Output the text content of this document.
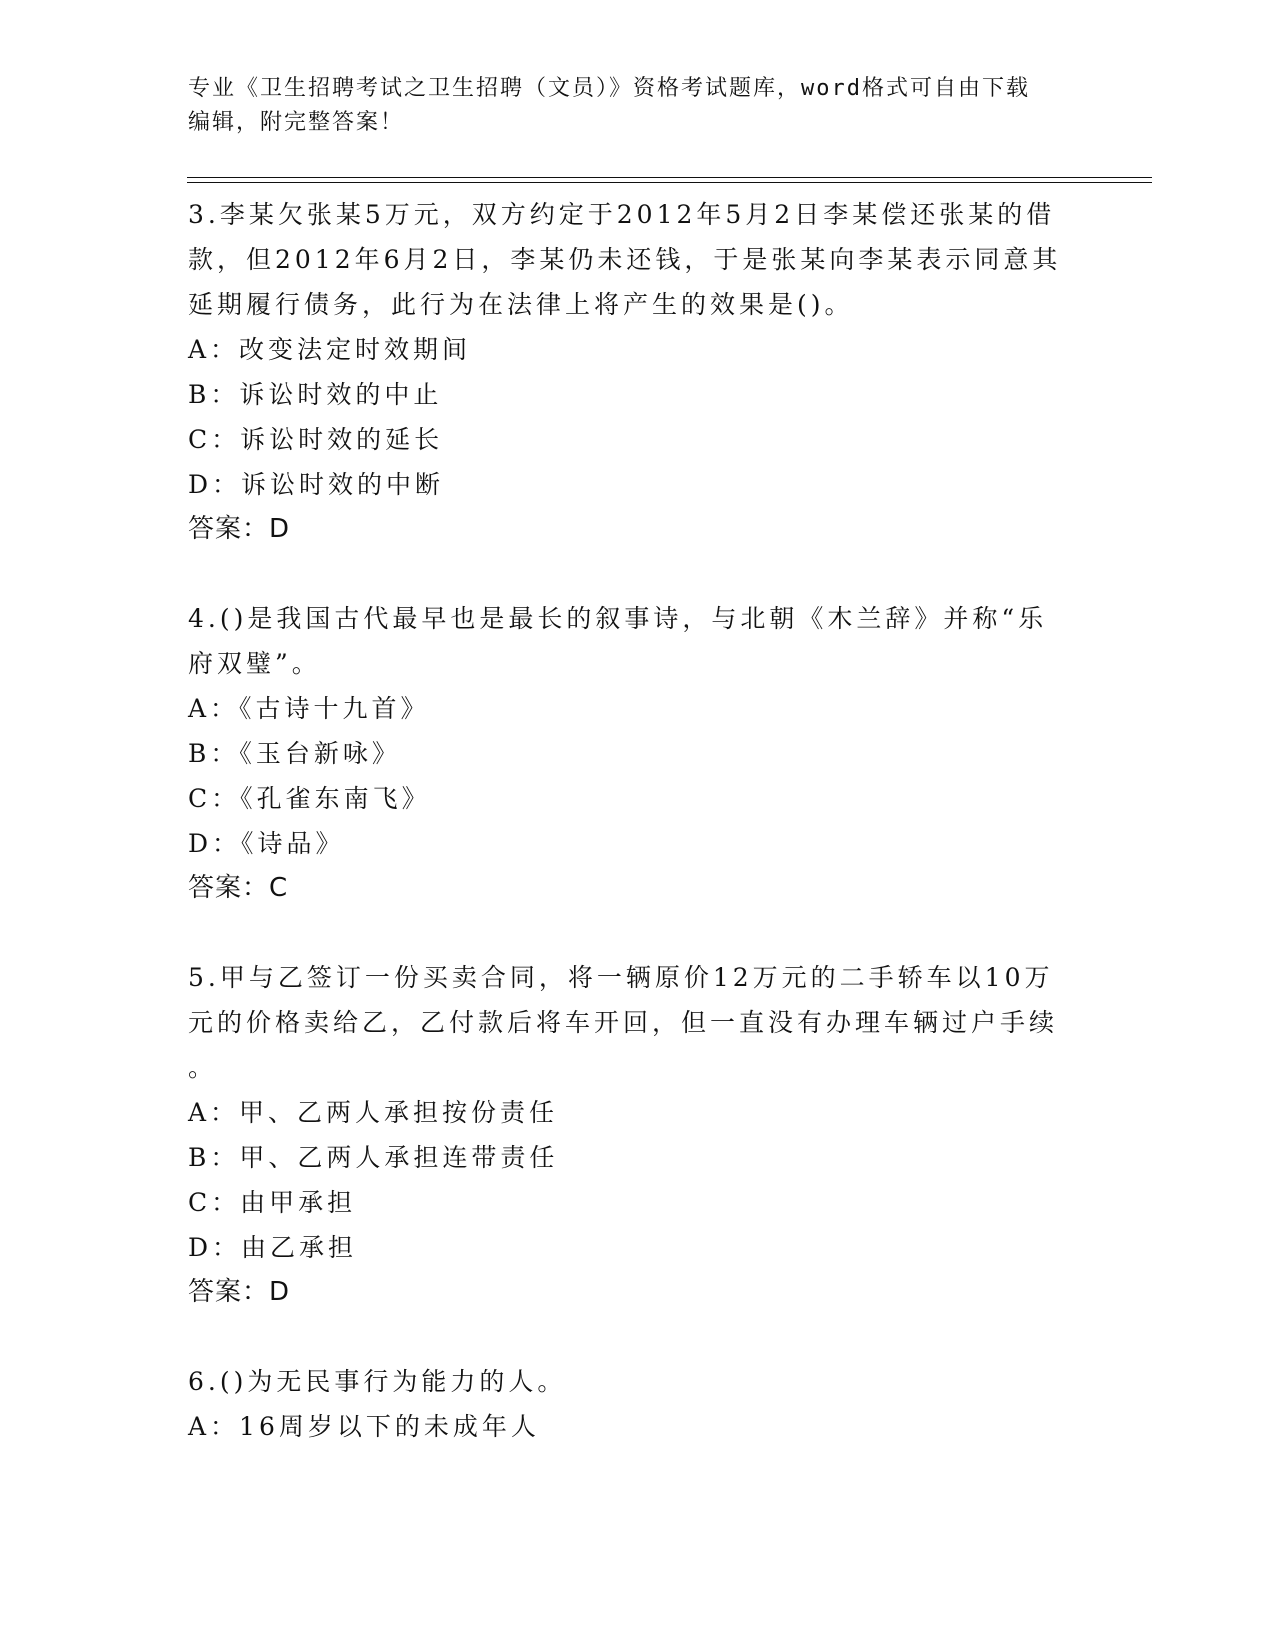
专业《卫生招聘考试之卫生招聘（文员）》资格考试题库，word格式可自由下载
编辑，附完整答案！

3.李某欠张某5万元，双方约定于2012年5月2日李某偿还张某的借

款，但2012年6月2日，李某仍未还钱，于是张某向李某表示同意其

延期履行债务，此行为在法律上将产生的效果是()。

A：改变法定时效期间

B：诉讼时效的中止

C：诉讼时效的延长

D：诉讼时效的中断

答案：D

4.()是我国古代最早也是最长的叙事诗，与北朝《木兰辞》并称“乐

府双璧”。

A：《古诗十九首》

B：《玉台新咏》

C：《孔雀东南飞》

D：《诗品》

答案：C

5.甲与乙签订一份买卖合同，将一辆原价12万元的二手轿车以10万

元的价格卖给乙，乙付款后将车开回，但一直没有办理车辆过户手续

。

A：甲、乙两人承担按份责任

B：甲、乙两人承担连带责任

C：由甲承担

D：由乙承担

答案：D

6.()为无民事行为能力的人。

A：16周岁以下的未成年人
